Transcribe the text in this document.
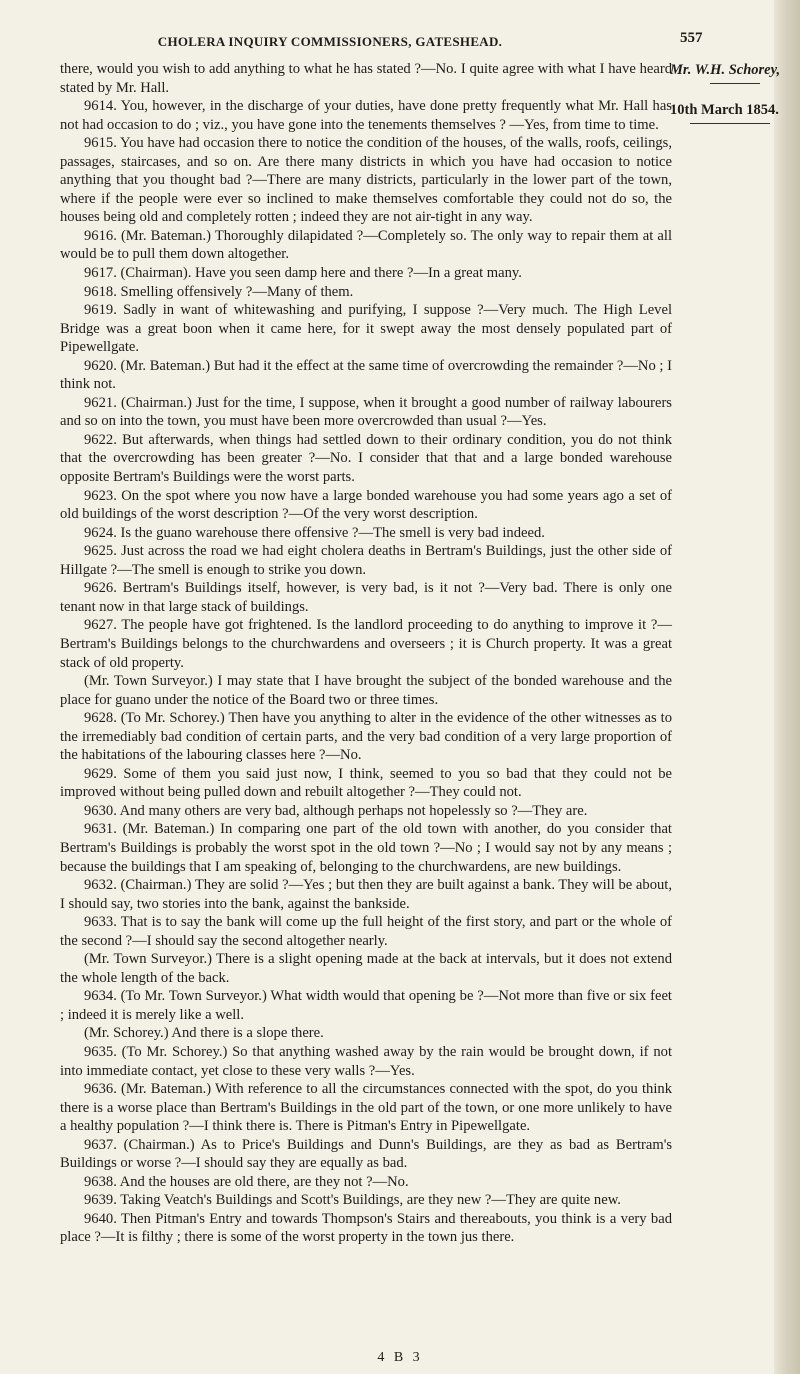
CHOLERA INQUIRY COMMISSIONERS, GATESHEAD.	557
Mr. W.H. Schorey,
10th March 1854.

there, would you wish to add anything to what he has stated ?—No. I quite agree with what I have heard stated by Mr. Hall.

9614. You, however, in the discharge of your duties, have done pretty frequently what Mr. Hall has not had occasion to do ; viz., you have gone into the tenements themselves ? —Yes, from time to time.

9615. You have had occasion there to notice the condition of the houses, of the walls, roofs, ceilings, passages, staircases, and so on. Are there many districts in which you have had occasion to notice anything that you thought bad ?—There are many districts, particularly in the lower part of the town, where if the people were ever so inclined to make themselves comfortable they could not do so, the houses being old and completely rotten ; indeed they are not air-tight in any way.

9616. (Mr. Bateman.) Thoroughly dilapidated ?—Completely so. The only way to repair them at all would be to pull them down altogether.

9617. (Chairman). Have you seen damp here and there ?—In a great many.

9618. Smelling offensively ?—Many of them.

9619. Sadly in want of whitewashing and purifying, I suppose ?—Very much. The High Level Bridge was a great boon when it came here, for it swept away the most densely populated part of Pipewellgate.

9620. (Mr. Bateman.) But had it the effect at the same time of overcrowding the remainder ?—No ; I think not.

9621. (Chairman.) Just for the time, I suppose, when it brought a good number of railway labourers and so on into the town, you must have been more overcrowded than usual ?—Yes.

9622. But afterwards, when things had settled down to their ordinary condition, you do not think that the overcrowding has been greater ?—No. I consider that that and a large bonded warehouse opposite Bertram's Buildings were the worst parts.

9623. On the spot where you now have a large bonded warehouse you had some years ago a set of old buildings of the worst description ?—Of the very worst description.

9624. Is the guano warehouse there offensive ?—The smell is very bad indeed.

9625. Just across the road we had eight cholera deaths in Bertram's Buildings, just the other side of Hillgate ?—The smell is enough to strike you down.

9626. Bertram's Buildings itself, however, is very bad, is it not ?—Very bad. There is only one tenant now in that large stack of buildings.

9627. The people have got frightened. Is the landlord proceeding to do anything to improve it ?—Bertram's Buildings belongs to the churchwardens and overseers ; it is Church property. It was a great stack of old property.

(Mr. Town Surveyor.) I may state that I have brought the subject of the bonded warehouse and the place for guano under the notice of the Board two or three times.

9628. (To Mr. Schorey.) Then have you anything to alter in the evidence of the other witnesses as to the irremediably bad condition of certain parts, and the very bad condition of a very large proportion of the habitations of the labouring classes here ?—No.

9629. Some of them you said just now, I think, seemed to you so bad that they could not be improved without being pulled down and rebuilt altogether ?—They could not.

9630. And many others are very bad, although perhaps not hopelessly so ?—They are.

9631. (Mr. Bateman.) In comparing one part of the old town with another, do you consider that Bertram's Buildings is probably the worst spot in the old town ?—No ; I would say not by any means ; because the buildings that I am speaking of, belonging to the churchwardens, are new buildings.

9632. (Chairman.) They are solid ?—Yes ; but then they are built against a bank. They will be about, I should say, two stories into the bank, against the bankside.

9633. That is to say the bank will come up the full height of the first story, and part or the whole of the second ?—I should say the second altogether nearly.

(Mr. Town Surveyor.) There is a slight opening made at the back at intervals, but it does not extend the whole length of the back.

9634. (To Mr. Town Surveyor.) What width would that opening be ?—Not more than five or six feet ; indeed it is merely like a well.

(Mr. Schorey.) And there is a slope there.

9635. (To Mr. Schorey.) So that anything washed away by the rain would be brought down, if not into immediate contact, yet close to these very walls ?—Yes.

9636. (Mr. Bateman.) With reference to all the circumstances connected with the spot, do you think there is a worse place than Bertram's Buildings in the old part of the town, or one more unlikely to have a healthy population ?—I think there is. There is Pitman's Entry in Pipewellgate.

9637. (Chairman.) As to Price's Buildings and Dunn's Buildings, are they as bad as Bertram's Buildings or worse ?—I should say they are equally as bad.

9638. And the houses are old there, are they not ?—No.

9639. Taking Veatch's Buildings and Scott's Buildings, are they new ?—They are quite new.

9640. Then Pitman's Entry and towards Thompson's Stairs and thereabouts, you think is a very bad place ?—It is filthy ; there is some of the worst property in the town jus there.

4 B 3
